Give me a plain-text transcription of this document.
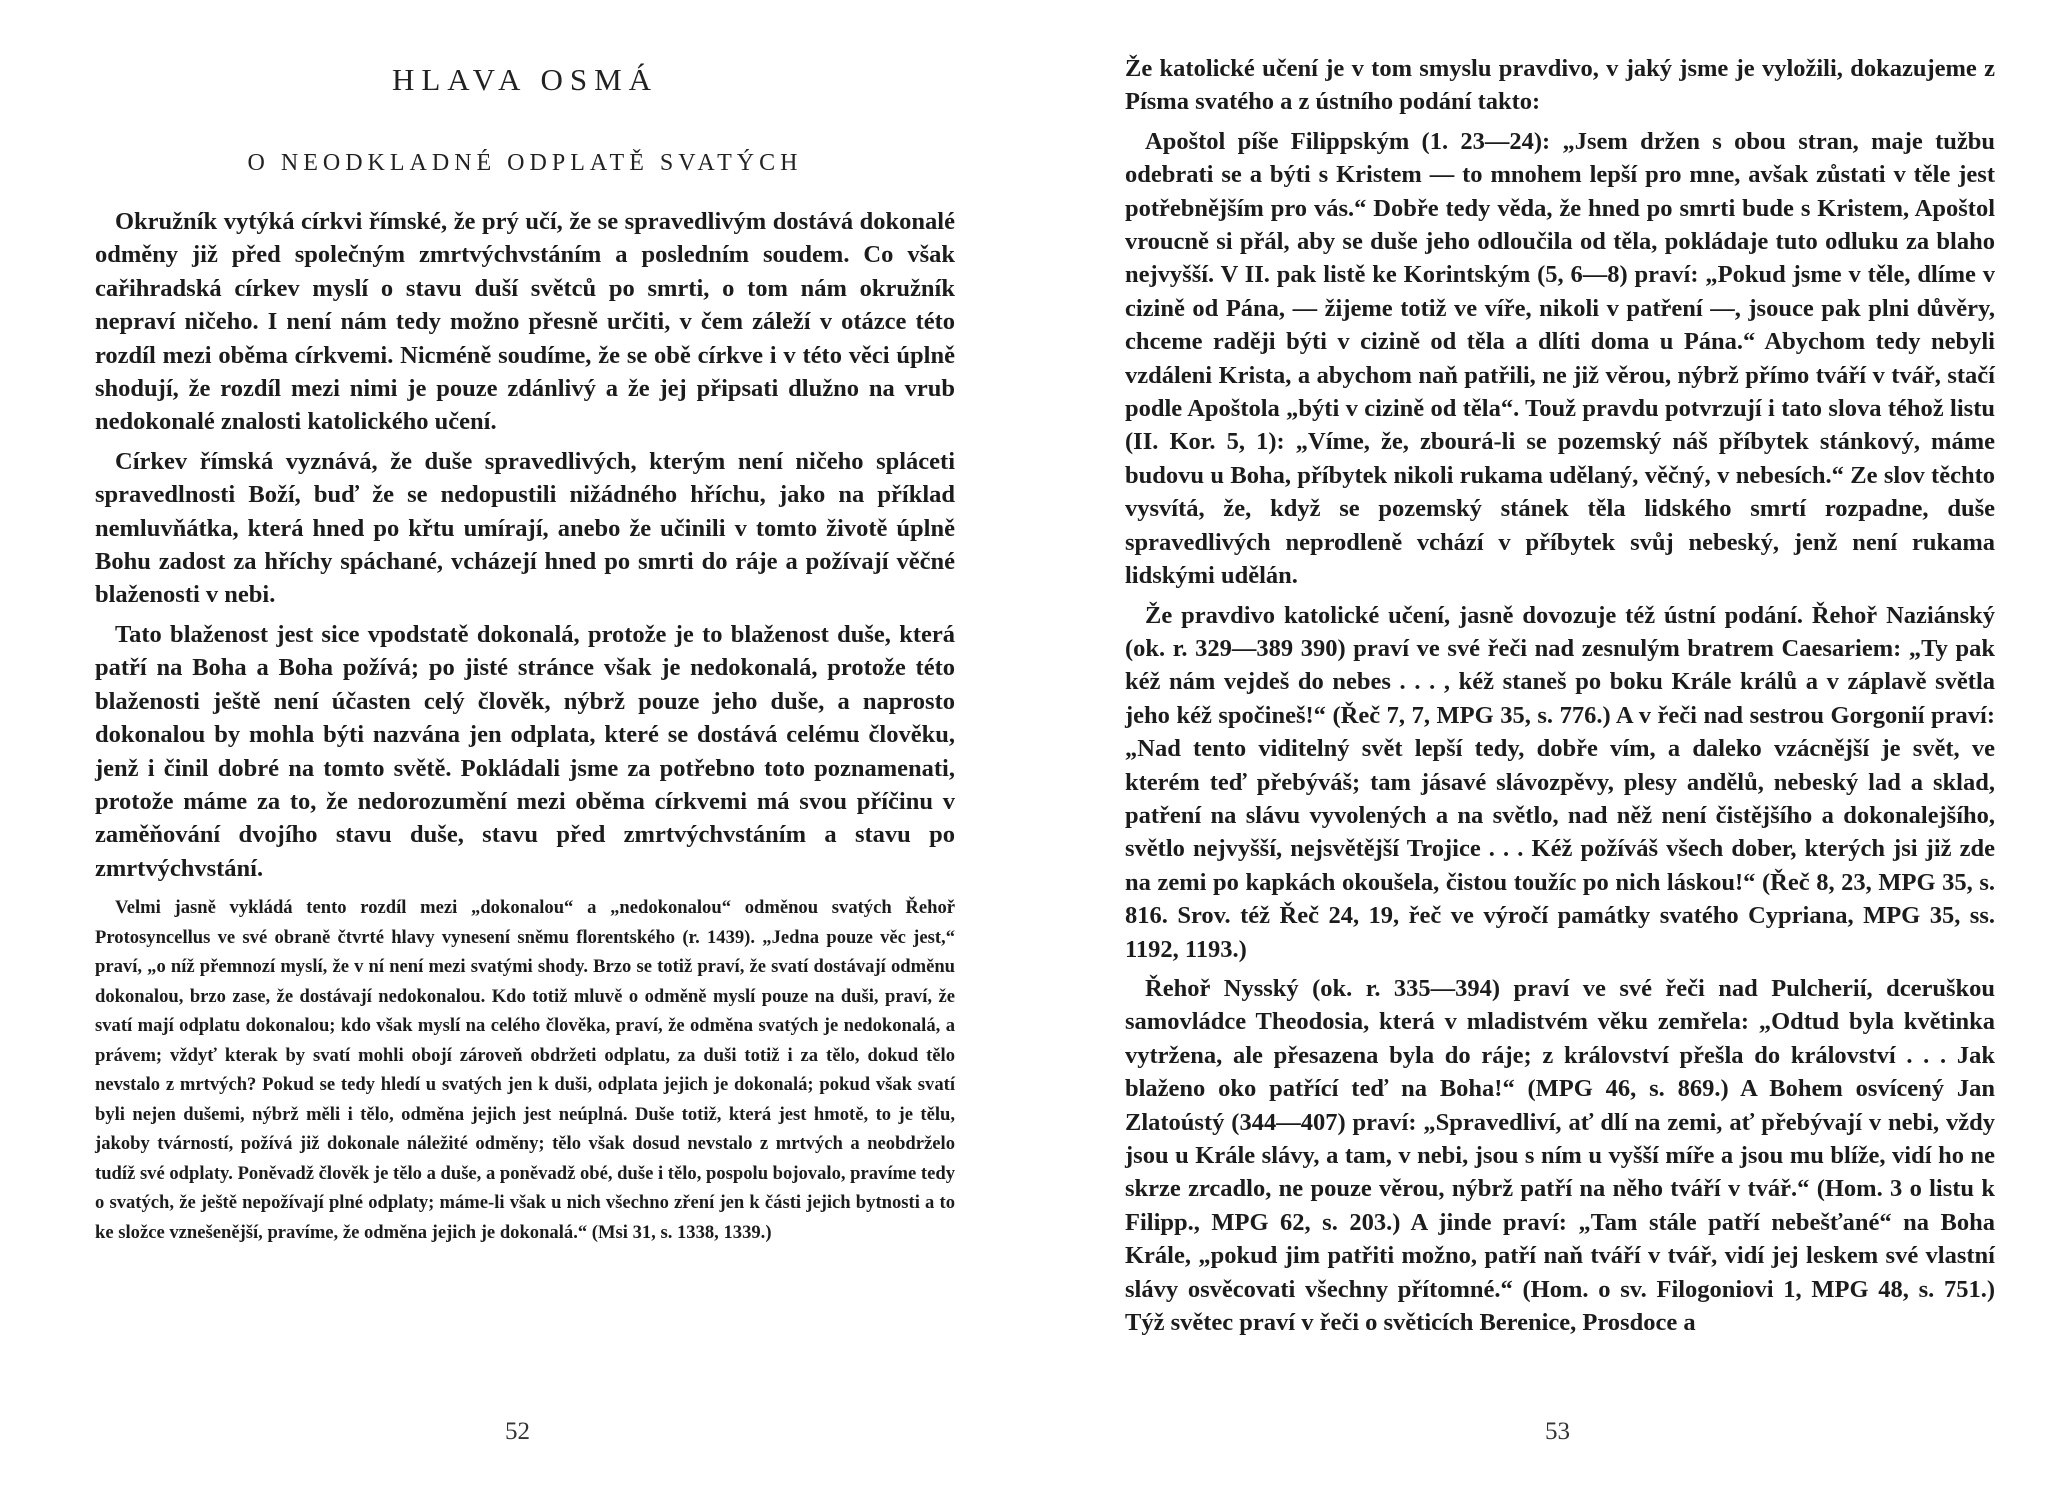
HLAVA OSMÁ
O NEODKLADNÉ ODPLATĚ SVATÝCH

Okružník vytýká církvi římské, že prý učí, že se spravedlivým dostává dokonalé odměny již před společným zmrtvýchvstáním a posledním soudem. Co však cařihradská církev myslí o stavu duší světců po smrti, o tom nám okružník nepraví ničeho. I není nám tedy možno přesně určiti, v čem záleží v otázce této rozdíl mezi oběma církvemi. Nicméně soudíme, že se obě církve i v této věci úplně shodují, že rozdíl mezi nimi je pouze zdánlivý a že jej připsati dlužno na vrub nedokonalé znalosti katolického učení.

Církev římská vyznává, že duše spravedlivých, kterým není ničeho spláceti spravedlnosti Boží, buď že se nedopustili nižádného hříchu, jako na příklad nemluvňátka, která hned po křtu umírají, anebo že učinili v tomto životě úplně Bohu zadost za hříchy spáchané, vcházejí hned po smrti do ráje a požívají věčné blaženosti v nebi.

Tato blaženost jest sice vpodstatě dokonalá, protože je to blaženost duše, která patří na Boha a Boha požívá; po jisté stránce však je nedokonalá, protože této blaženosti ještě není účasten celý člověk, nýbrž pouze jeho duše, a naprosto dokonalou by mohla býti nazvána jen odplata, které se dostává celému člověku, jenž i činil dobré na tomto světě. Pokládali jsme za potřebno toto poznamenati, protože máme za to, že nedorozumění mezi oběma církvemi má svou příčinu v zaměňování dvojího stavu duše, stavu před zmrtvýchvstáním a stavu po zmrtvýchvstání.

Velmi jasně vykládá tento rozdíl mezi „dokonalou“ a „nedokonalou“ odměnou svatých Řehoř Protosyncellus ve své obraně čtvrté hlavy vynesení sněmu florentského (r. 1439). „Jedna pouze věc jest,“ praví, „o níž přemnozí myslí, že v ní není mezi svatými shody. Brzo se totiž praví, že svatí dostávají odměnu dokonalou, brzo zase, že dostávají nedokonalou. Kdo totiž mluvě o odměně myslí pouze na duši, praví, že svatí mají odplatu dokonalou; kdo však myslí na celého člověka, praví, že odměna svatých je nedokonalá, a právem; vždyť kterak by svatí mohli obojí zároveň obdržeti odplatu, za duši totiž i za tělo, dokud tělo nevstalo z mrtvých? Pokud se tedy hledí u svatých jen k duši, odplata jejich je dokonalá; pokud však svatí byli nejen dušemi, nýbrž měli i tělo, odměna jejich jest neúplná. Duše totiž, která jest hmotě, to je tělu, jakoby tvárností, požívá již dokonale náležité odměny; tělo však dosud nevstalo z mrtvých a neobdrželo tudíž své odplaty. Poněvadž člověk je tělo a duše, a poněvadž obé, duše i tělo, pospolu bojovalo, pravíme tedy o svatých, že ještě nepožívají plné odplaty; máme-li však u nich všechno zření jen k části jejich bytnosti a to ke složce vznešenější, pravíme, že odměna jejich je dokonalá.“ (Msi 31, s. 1338, 1339.)

52

Že katolické učení je v tom smyslu pravdivo, v jaký jsme je vyložili, dokazujeme z Písma svatého a z ústního podání takto:

Apoštol píše Filippským (1. 23—24): „Jsem držen s obou stran, maje tužbu odebrati se a býti s Kristem — to mnohem lepší pro mne, avšak zůstati v těle jest potřebnějším pro vás.“ Dobře tedy věda, že hned po smrti bude s Kristem, Apoštol vroucně si přál, aby se duše jeho odloučila od těla, pokládaje tuto odluku za blaho nejvyšší. V II. pak listě ke Korintským (5, 6—8) praví: „Pokud jsme v těle, dlíme v cizině od Pána, — žijeme totiž ve víře, nikoli v patření —, jsouce pak plni důvěry, chceme raději býti v cizině od těla a dlíti doma u Pána.“ Abychom tedy nebyli vzdáleni Krista, a abychom naň patřili, ne již věrou, nýbrž přímo tváří v tvář, stačí podle Apoštola „býti v cizině od těla“. Touž pravdu potvrzují i tato slova téhož listu (II. Kor. 5, 1): „Víme, že, zbourá-li se pozemský náš příbytek stánkový, máme budovu u Boha, příbytek nikoli rukama udělaný, věčný, v nebesích.“ Ze slov těchto vysvítá, že, když se pozemský stánek těla lidského smrtí rozpadne, duše spravedlivých neprodleně vchází v příbytek svůj nebeský, jenž není rukama lidskými udělán.

Že pravdivo katolické učení, jasně dovozuje též ústní podání. Řehoř Naziánský (ok. r. 329—389 390) praví ve své řeči nad zesnulým bratrem Caesariem: „Ty pak kéž nám vejdeš do nebes . . . , kéž staneš po boku Krále králů a v záplavě světla jeho kéž spočineš!“ (Řeč 7, 7, MPG 35, s. 776.) A v řeči nad sestrou Gorgonií praví: „Nad tento viditelný svět lepší tedy, dobře vím, a daleko vzácnější je svět, ve kterém teď přebýváš; tam jásavé slávozpěvy, plesy andělů, nebeský lad a sklad, patření na slávu vyvolených a na světlo, nad něž není čistějšího a dokonalejšího, světlo nejvyšší, nejsvětější Trojice . . . Kéž požíváš všech dober, kterých jsi již zde na zemi po kapkách okoušela, čistou toužíc po nich láskou!“ (Řeč 8, 23, MPG 35, s. 816. Srov. též Řeč 24, 19, řeč ve výročí památky svatého Cypriana, MPG 35, ss. 1192, 1193.)

Řehoř Nysský (ok. r. 335—394) praví ve své řeči nad Pulcherií, dceruškou samovládce Theodosia, která v mladistvém věku zemřela: „Odtud byla květinka vytržena, ale přesazena byla do ráje; z království přešla do království . . . Jak blaženo oko patřící teď na Boha!“ (MPG 46, s. 869.) A Bohem osvícený Jan Zlatoústý (344—407) praví: „Spravedliví, ať dlí na zemi, ať přebývají v nebi, vždy jsou u Krále slávy, a tam, v nebi, jsou s ním u vyšší míře a jsou mu blíže, vidí ho ne skrze zrcadlo, ne pouze věrou, nýbrž patří na něho tváří v tvář.“ (Hom. 3 o listu k Filipp., MPG 62, s. 203.) A jinde praví: „Tam stále patří nebešťané“ na Boha Krále, „pokud jim patřiti možno, patří naň tváří v tvář, vidí jej leskem své vlastní slávy osvěcovati všechny přítomné.“ (Hom. o sv. Filogoniovi 1, MPG 48, s. 751.) Týž světec praví v řeči o světicích Berenice, Prosdoce a

53
